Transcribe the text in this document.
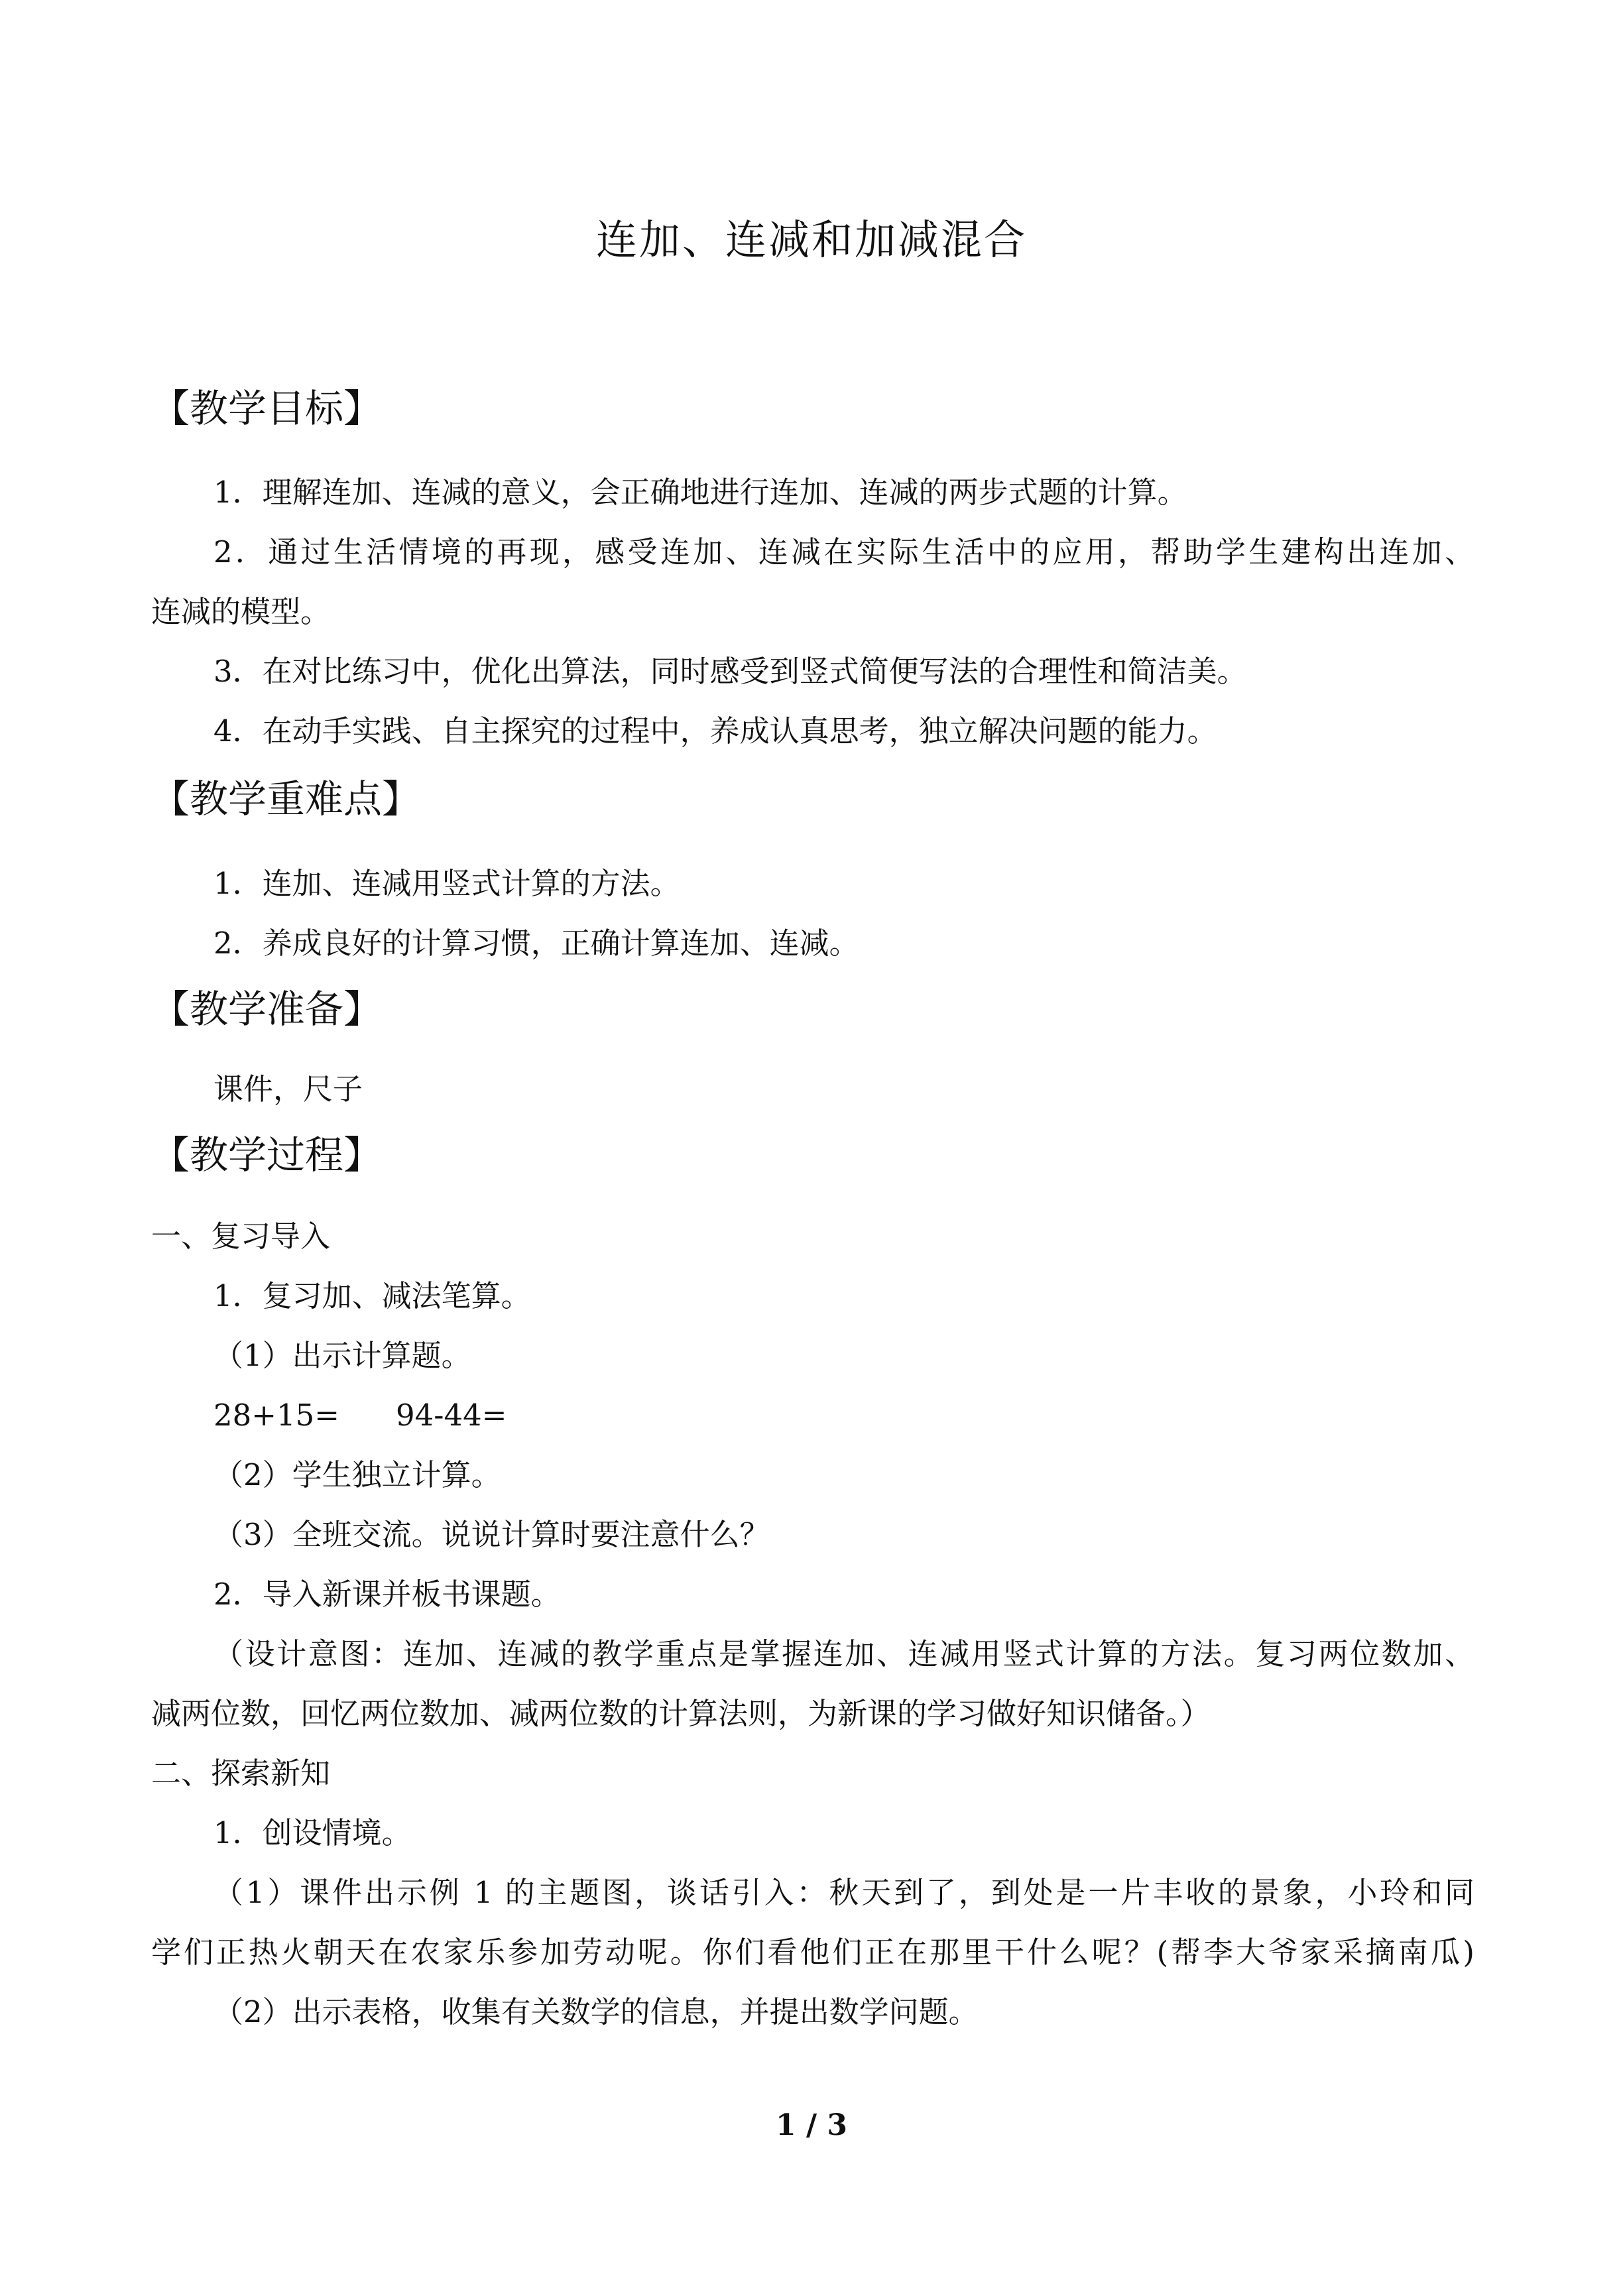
连加、连减和加减混合
【教学目标】
1．理解连加、连减的意义，会正确地进行连加、连减的两步式题的计算。
2．通过生活情境的再现，感受连加、连减在实际生活中的应用，帮助学生建构出连加、
连减的模型。
3．在对比练习中，优化出算法，同时感受到竖式简便写法的合理性和简洁美。
4．在动手实践、自主探究的过程中，养成认真思考，独立解决问题的能力。
【教学重难点】
1．连加、连减用竖式计算的方法。
2．养成良好的计算习惯，正确计算连加、连减。
【教学准备】
课件，尺子
【教学过程】
一、复习导入
1．复习加、减法笔算。
（1）出示计算题。
28+15= 94-44=
（2）学生独立计算。
（3）全班交流。说说计算时要注意什么？
2．导入新课并板书课题。
（设计意图：连加、连减的教学重点是掌握连加、连减用竖式计算的方法。复习两位数加、
减两位数，回忆两位数加、减两位数的计算法则，为新课的学习做好知识储备。）
二、探索新知
1．创设情境。
（1）课件出示例 1 的主题图，谈话引入：秋天到了，到处是一片丰收的景象，小玲和同
学们正热火朝天在农家乐参加劳动呢。你们看他们正在那里干什么呢？(帮李大爷家采摘南瓜)
（2）出示表格，收集有关数学的信息，并提出数学问题。
1 / 3
